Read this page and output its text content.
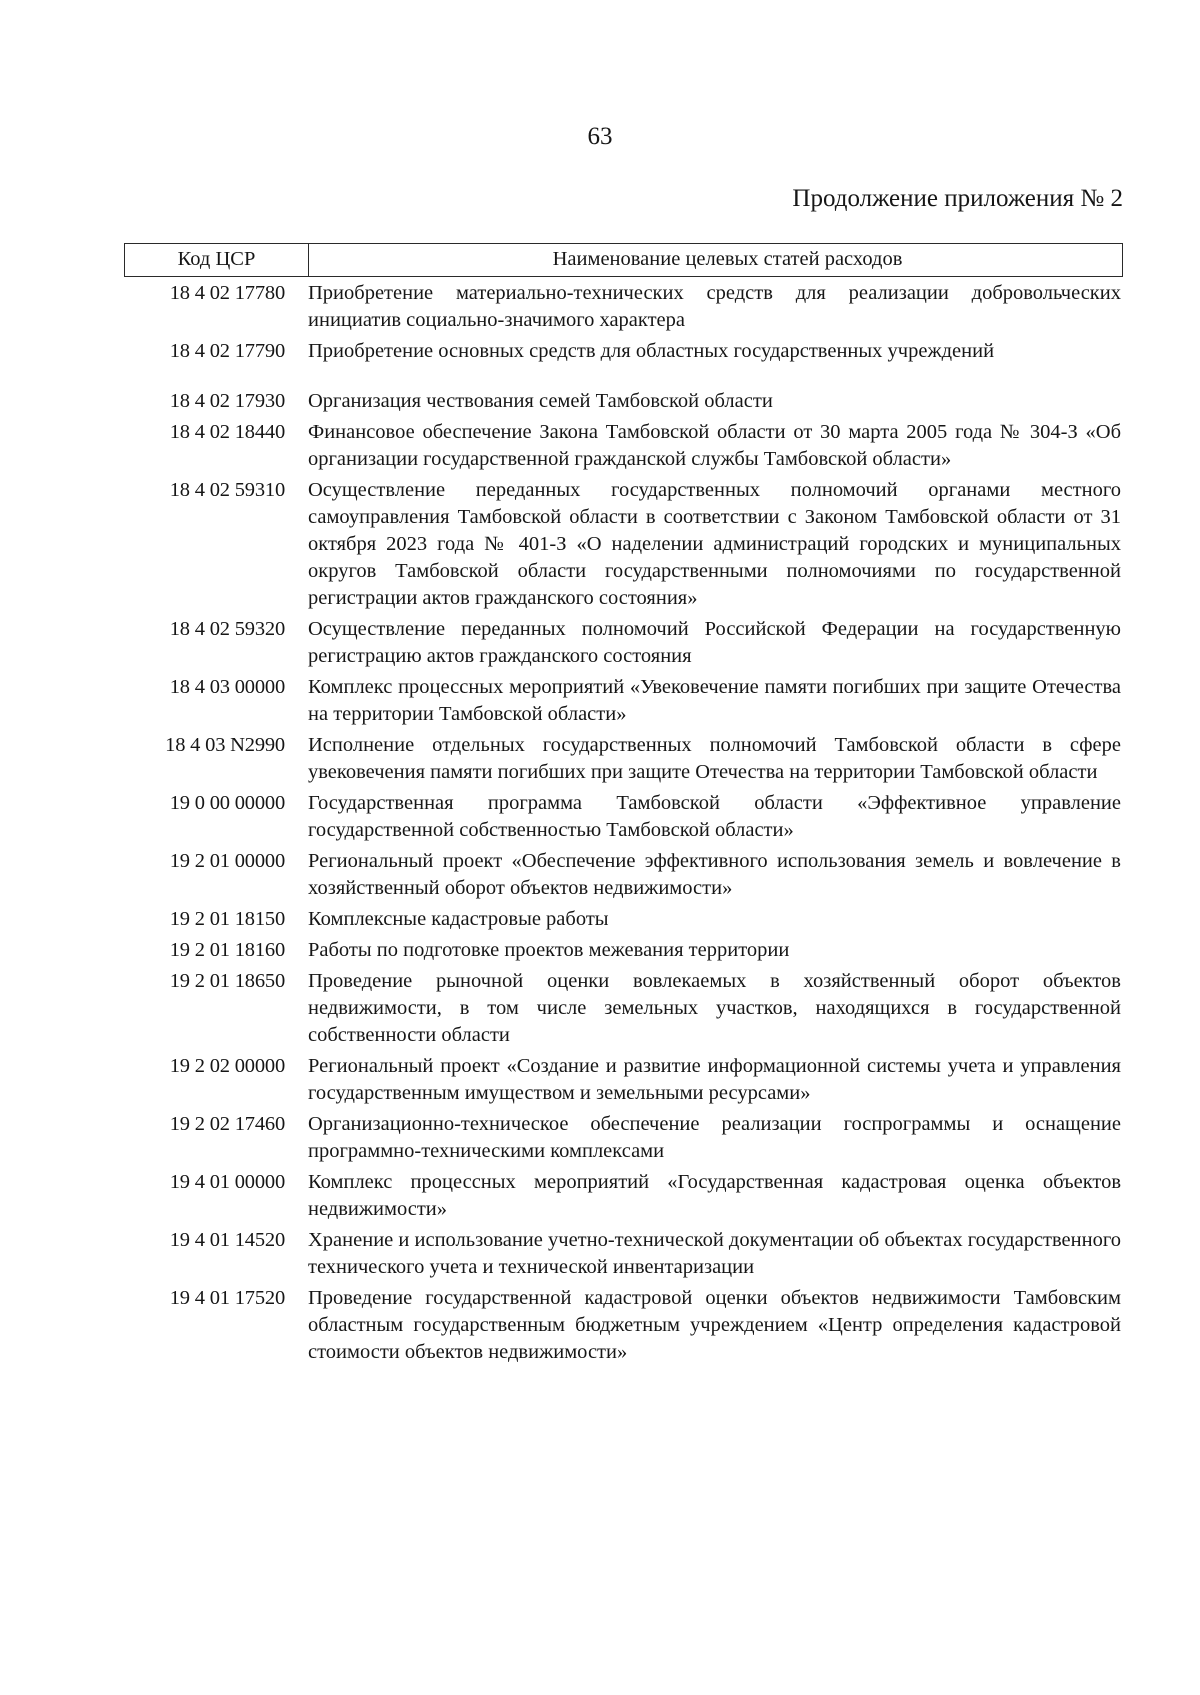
63
Продолжение приложения № 2
Код ЦСР	Наименование целевых статей расходов
18 4 02 17780	Приобретение материально-технических средств для реализации добровольческих инициатив социально-значимого характера
18 4 02 17790	Приобретение основных средств для областных государственных учреждений
18 4 02 17930	Организация чествования семей Тамбовской области
18 4 02 18440	Финансовое обеспечение Закона Тамбовской области от 30 марта 2005 года № 304-З «Об организации государственной гражданской службы Тамбовской области»
18 4 02 59310	Осуществление переданных государственных полномочий органами местного самоуправления Тамбовской области в соответствии с Законом Тамбовской области от 31 октября 2023 года № 401-З «О наделении администраций городских и муниципальных округов Тамбовской области государственными полномочиями по государственной регистрации актов гражданского состояния»
18 4 02 59320	Осуществление переданных полномочий Российской Федерации на государственную регистрацию актов гражданского состояния
18 4 03 00000	Комплекс процессных мероприятий «Увековечение памяти погибших при защите Отечества на территории Тамбовской области»
18 4 03 N2990	Исполнение отдельных государственных полномочий Тамбовской области в сфере увековечения памяти погибших при защите Отечества на территории Тамбовской области
19 0 00 00000	Государственная программа Тамбовской области «Эффективное управление государственной собственностью Тамбовской области»
19 2 01 00000	Региональный проект «Обеспечение эффективного использования земель и вовлечение в хозяйственный оборот объектов недвижимости»
19 2 01 18150	Комплексные кадастровые работы
19 2 01 18160	Работы по подготовке проектов межевания территории
19 2 01 18650	Проведение рыночной оценки вовлекаемых в хозяйственный оборот объектов недвижимости, в том числе земельных участков, находящихся в государственной собственности области
19 2 02 00000	Региональный проект «Создание и развитие информационной системы учета и управления государственным имуществом и земельными ресурсами»
19 2 02 17460	Организационно-техническое обеспечение реализации госпрограммы и оснащение программно-техническими комплексами
19 4 01 00000	Комплекс процессных мероприятий «Государственная кадастровая оценка объектов недвижимости»
19 4 01 14520	Хранение и использование учетно-технической документации об объектах государственного технического учета и технической инвентаризации
19 4 01 17520	Проведение государственной кадастровой оценки объектов недвижимости Тамбовским областным государственным бюджетным учреждением «Центр определения кадастровой стоимости объектов недвижимости»
